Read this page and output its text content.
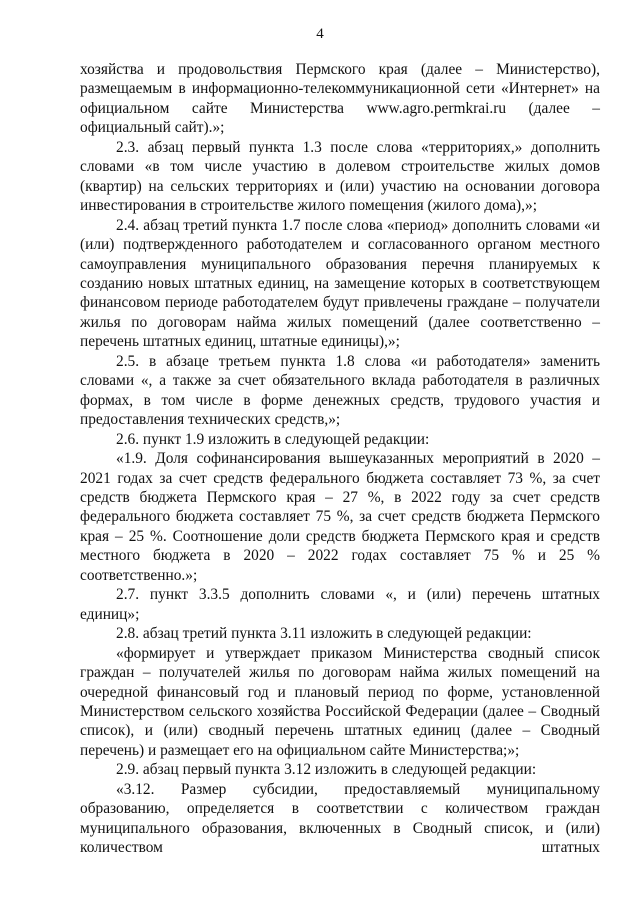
4

хозяйства и продовольствия Пермского края (далее – Министерство), размещаемым в информационно-телекоммуникационной сети «Интернет» на официальном сайте Министерства www.agro.permkrai.ru (далее – официальный сайт).»;

2.3. абзац первый пункта 1.3 после слова «территориях,» дополнить словами «в том числе участию в долевом строительстве жилых домов (квартир) на сельских территориях и (или) участию на основании договора инвестирования в строительстве жилого помещения (жилого дома),»;

2.4. абзац третий пункта 1.7 после слова «период» дополнить словами «и (или) подтвержденного работодателем и согласованного органом местного самоуправления муниципального образования перечня планируемых к созданию новых штатных единиц, на замещение которых в соответствующем финансовом периоде работодателем будут привлечены граждане – получатели жилья по договорам найма жилых помещений (далее соответственно – перечень штатных единиц, штатные единицы),»;

2.5. в абзаце третьем пункта 1.8 слова «и работодателя» заменить словами «, а также за счет обязательного вклада работодателя в различных формах, в том числе в форме денежных средств, трудового участия и предоставления технических средств,»;

2.6. пункт 1.9 изложить в следующей редакции:

«1.9. Доля софинансирования вышеуказанных мероприятий в 2020 – 2021 годах за счет средств федерального бюджета составляет 73 %, за счет средств бюджета Пермского края – 27 %, в 2022 году за счет средств федерального бюджета составляет 75 %, за счет средств бюджета Пермского края – 25 %. Соотношение доли средств бюджета Пермского края и средств местного бюджета в 2020 – 2022 годах составляет 75 % и 25 % соответственно.»;

2.7. пункт 3.3.5 дополнить словами «, и (или) перечень штатных единиц»;

2.8. абзац третий пункта 3.11 изложить в следующей редакции:

«формирует и утверждает приказом Министерства сводный список граждан – получателей жилья по договорам найма жилых помещений на очередной финансовый год и плановый период по форме, установленной Министерством сельского хозяйства Российской Федерации (далее – Сводный список), и (или) сводный перечень штатных единиц (далее – Сводный перечень) и размещает его на официальном сайте Министерства;»;

2.9. абзац первый пункта 3.12 изложить в следующей редакции:

«3.12. Размер субсидии, предоставляемый муниципальному образованию, определяется в соответствии с количеством граждан муниципального образования, включенных в Сводный список, и (или) количеством штатных
